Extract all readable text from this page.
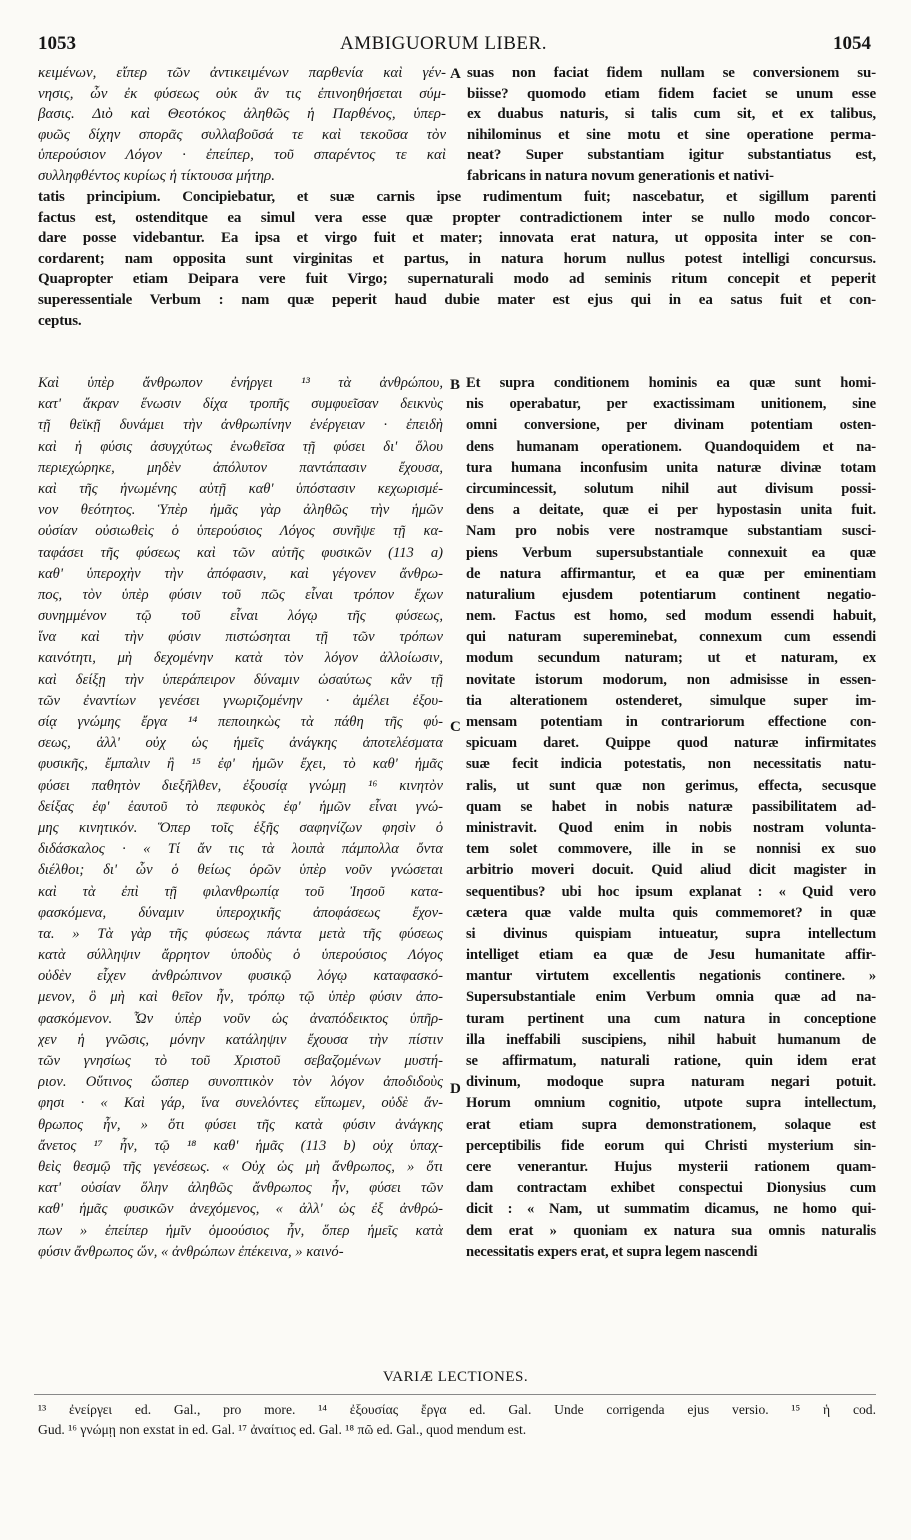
1053	AMBIGUORUM LIBER.	1054
κειμένων, εἴπερ τῶν ἀντικειμένων παρθενία καὶ γέν-
νησις, ὧν ἐκ φύσεως οὐκ ἂν τις ἐπινοηθήσεται σύμ-
βασις. Διὸ καὶ Θεοτόκος ἀληθῶς ἡ Παρθένος, ὑπερ-
φυῶς δίχην σπορᾶς συλλαβοῦσά τε καὶ τεκοῦσα τὸν
ὑπερούσιον Λόγον · ἐπείπερ, τοῦ σπαρέντος τε καὶ
συλληφθέντος κυρίως ἡ τίκτουσα μήτηρ.
A suas non faciat fidem nullam se conversionem su-
biisse? quomodo etiam fidem faciet se unum esse
ex duabus naturis, si talis cum sit, et ex talibus,
nihilominus et sine motu et sine operatione perma-
neat? Super substantiam igitur substantiatus est,
fabricans in natura novum generationis et nativi-
tatis principium. Concipiebatur, et suæ carnis ipse rudimentum fuit; nascebatur, et sigillum parenti
factus est, ostenditque ea simul vera esse quæ propter contradictionem inter se nullo modo concor-
dare posse videbantur. Ea ipsa et virgo fuit et mater; innovata erat natura, ut opposita inter se con-
cordarent; nam opposita sunt virginitas et partus, in natura horum nullus potest intelligi concursus.
Quapropter etiam Deipara vere fuit Virgo; supernaturali modo ad seminis ritum concepit et peperit
superessentiale Verbum : nam quæ peperit haud dubie mater est ejus qui in ea satus fuit et con-
ceptus.
Καὶ ὑπὲρ ἄνθρωπον ἐνήργει ¹³ τὰ ἀνθρώπου,
κατ' ἄκραν ἕνωσιν δίχα τροπῆς συμφυεῖσαν δεικνὺς
τῇ θεϊκῇ δυνάμει τὴν ἀνθρωπίνην ἐνέργειαν · ἐπειδὴ
καὶ ἡ φύσις ἀσυγχύτως ἑνωθεῖσα τῇ φύσει δι' ὅλου
περιεχώρηκε, μηδὲν ἀπόλυτον παντάπασιν ἔχουσα,
καὶ τῆς ἡνωμένης αὐτῇ καθ' ὑπόστασιν κεχωρισμέ-
νον θεότητος. Ὑπὲρ ἡμᾶς γὰρ ἀληθῶς τὴν ἡμῶν
οὐσίαν οὐσιωθεὶς ὁ ὑπερούσιος Λόγος συνῆψε τῇ κα-
ταφάσει τῆς φύσεως καὶ τῶν αὐτῆς φυσικῶν (113 a)
καθ' ὑπεροχὴν τὴν ἀπόφασιν, καὶ γέγονεν ἄνθρω-
πος, τὸν ὑπὲρ φύσιν τοῦ πῶς εἶναι τρόπον ἔχων
συνημμένον τῷ τοῦ εἶναι λόγῳ τῆς φύσεως,
ἵνα καὶ τὴν φύσιν πιστώσηται τῇ τῶν τρόπων
καινότητι, μὴ δεχομένην κατὰ τὸν λόγον ἀλλοίωσιν,
καὶ δείξῃ τὴν ὑπεράπειρον δύναμιν ὡσαύτως κἂν τῇ
τῶν ἐναντίων γενέσει γνωριζομένην · ἀμέλει ἐξου-
σίᾳ γνώμης ἔργα ¹⁴ πεποιηκὼς τὰ πάθη τῆς φύ-
σεως, ἀλλ' οὐχ ὡς ἡμεῖς ἀνάγκης ἀποτελέσματα
φυσικῆς, ἔμπαλιν ἢ ¹⁵ ἐφ' ἡμῶν ἔχει, τὸ καθ' ἡμᾶς
φύσει παθητὸν διεξῆλθεν, ἐξουσίᾳ γνώμῃ ¹⁶ κινητὸν
δείξας ἐφ' ἑαυτοῦ τὸ πεφυκὸς ἐφ' ἡμῶν εἶναι γνώ-
μης κινητικόν. Ὅπερ τοῖς ἑξῆς σαφηνίζων φησὶν ὁ
διδάσκαλος · « Τί ἄν τις τὰ λοιπὰ πάμπολλα ὄντα
διέλθοι; δι' ὧν ὁ θείως ὁρῶν ὑπὲρ νοῦν γνώσεται
καὶ τὰ ἐπὶ τῇ φιλανθρωπίᾳ τοῦ Ἰησοῦ κατα-
φασκόμενα, δύναμιν ὑπεροχικῆς ἀποφάσεως ἔχον-
τα. » Τὰ γὰρ τῆς φύσεως πάντα μετὰ τῆς φύσεως
κατὰ σύλληψιν ἄρρητον ὑποδὺς ὁ ὑπερούσιος Λόγος
οὐδὲν εἶχεν ἀνθρώπινον φυσικῷ λόγῳ καταφασκό-
μενον, ὃ μὴ καὶ θεῖον ἦν, τρόπῳ τῷ ὑπὲρ φύσιν ἀπο-
φασκόμενον. Ὧν ὑπὲρ νοῦν ὡς ἀναπόδεικτος ὑπῆρ-
χεν ἡ γνῶσις, μόνην κατάληψιν ἔχουσα τὴν πίστιν
τῶν γνησίως τὸ τοῦ Χριστοῦ σεβαζομένων μυστή-
ριον. Οὕτινος ὥσπερ συνοπτικὸν τὸν λόγον ἀποδιδοὺς
φησι · « Καὶ γάρ, ἵνα συνελόντες εἴπωμεν, οὐδὲ ἄν-
θρωπος ἦν, » ὅτι φύσει τῆς κατὰ φύσιν ἀνάγκης
ἄνετος ¹⁷ ἦν, τῷ ¹⁸ καθ' ἡμᾶς (113 b) οὐχ ὑπαχ-
θεὶς θεσμῷ τῆς γενέσεως. « Οὐχ ὡς μὴ ἄνθρωπος, » ὅτι
κατ' οὐσίαν ὅλην ἀληθῶς ἄνθρωπος ἦν, φύσει τῶν
καθ' ἡμᾶς φυσικῶν ἀνεχόμενος, « ἀλλ' ὡς ἐξ ἀνθρώ-
πων » ἐπείπερ ἡμῖν ὁμοούσιος ἦν, ὅπερ ἡμεῖς κατὰ
φύσιν ἄνθρωπος ὤν, « ἀνθρώπων ἐπέκεινα, » καινό-
B
C
D
Et supra conditionem hominis ea quæ sunt homi-
nis operabatur, per exactissimam unitionem, sine
omni conversione, per divinam potentiam osten-
dens humanam operationem. Quandoquidem et na-
tura humana inconfusim unita naturæ divinæ totam
circumincessit, solutum nihil aut divisum possi-
dens a deitate, quæ ei per hypostasin unita fuit.
Nam pro nobis vere nostramque substantiam susci-
piens Verbum supersubstantiale connexuit ea quæ
de natura affirmantur, et ea quæ per eminentiam
naturalium ejusdem potentiarum continent negatio-
nem. Factus est homo, sed modum essendi habuit,
qui naturam supereminebat, connexum cum essendi
modum secundum naturam; ut et naturam, ex
novitate istorum modorum, non admisisse in essen-
tia alterationem ostenderet, simulque super im-
mensam potentiam in contrariorum effectione con-
spicuam daret. Quippe quod naturæ infirmitates
suæ fecit indicia potestatis, non necessitatis natu-
ralis, ut sunt quæ non gerimus, effecta, secusque
quam se habet in nobis naturæ passibilitatem ad-
ministravit. Quod enim in nobis nostram volunta-
tem solet commovere, ille in se nonnisi ex suo
arbitrio moveri docuit. Quid aliud dicit magister in
sequentibus? ubi hoc ipsum explanat : « Quid vero
cætera quæ valde multa quis commemoret? in quæ
si divinus quispiam intueatur, supra intellectum
intelliget etiam ea quæ de Jesu humanitate affir-
mantur virtutem excellentis negationis continere. »
Supersubstantiale enim Verbum omnia quæ ad na-
turam pertinent una cum natura in conceptione
illa ineffabili suscipiens, nihil habuit humanum de
se affirmatum, naturali ratione, quin idem erat
divinum, modoque supra naturam negari potuit.
Horum omnium cognitio, utpote supra intellectum,
erat etiam supra demonstrationem, solaque est
perceptibilis fide eorum qui Christi mysterium sin-
cere venerantur. Hujus mysterii rationem quam-
dam contractam exhibet conspectui Dionysius cum
dicit : « Nam, ut summatim dicamus, ne homo qui-
dem erat » quoniam ex natura sua omnis naturalis
necessitatis expers erat, et supra legem nascendi
VARIÆ LECTIONES.
¹³ ἐνείργει ed. Gal., pro more. ¹⁴ ἐξουσίας ἔργα ed. Gal. Unde corrigenda ejus versio. ¹⁵ ἡ cod.
Gud. ¹⁶ γνώμῃ non exstat in ed. Gal. ¹⁷ ἀναίτιος ed. Gal. ¹⁸ πῶ ed. Gal., quod mendum est.
